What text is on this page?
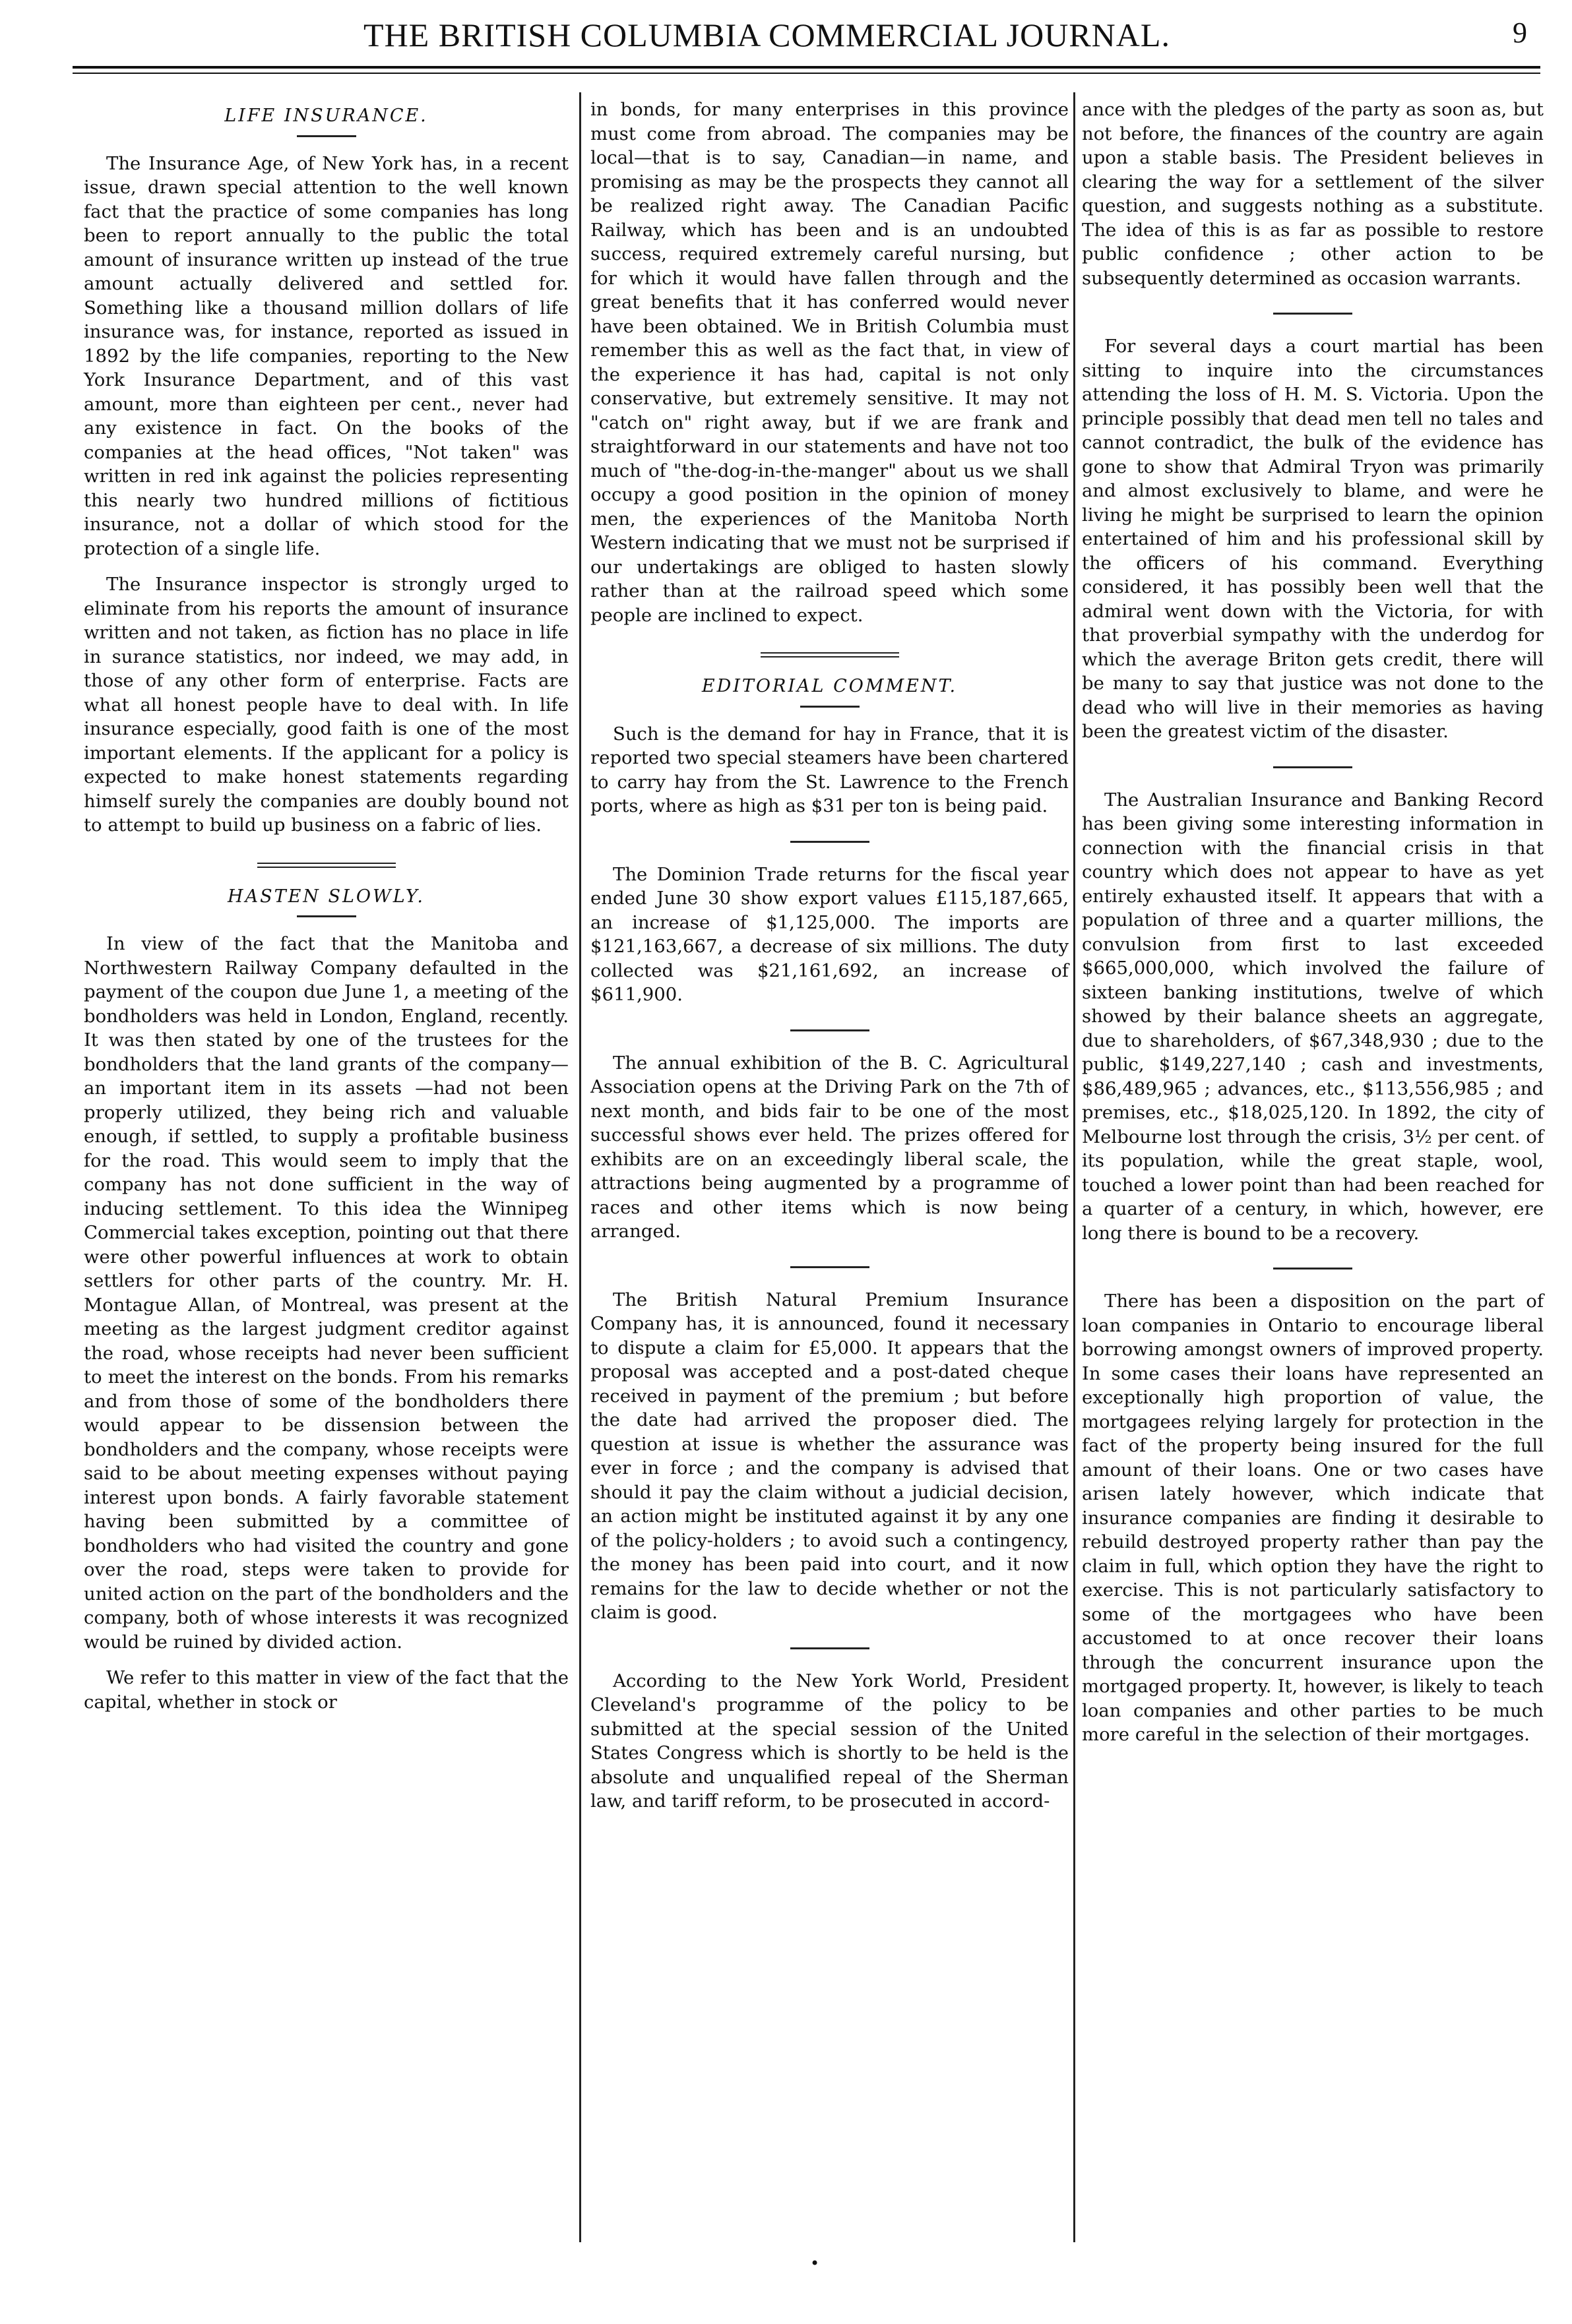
THE BRITISH COLUMBIA COMMERCIAL JOURNAL.	9
LIFE INSURANCE.

The Insurance Age, of New York has, in a recent issue, drawn special attention to the well known fact that the practice of some companies has long been to report annually to the public the total amount of insurance written up instead of the true amount actually delivered and settled for. Something like a thousand million dollars of life insurance was, for instance, reported as issued in 1892 by the life companies, reporting to the New York Insurance Department, and of this vast amount, more than eighteen per cent., never had any existence in fact. On the books of the companies at the head offices, "Not taken" was written in red ink against the policies representing this nearly two hundred millions of fictitious insurance, not a dollar of which stood for the protection of a single life.

The Insurance inspector is strongly urged to eliminate from his reports the amount of insurance written and not taken, as fiction has no place in life in surance statistics, nor indeed, we may add, in those of any other form of enterprise. Facts are what all honest people have to deal with. In life insurance especially, good faith is one of the most important elements. If the applicant for a policy is expected to make honest statements regarding himself surely the companies are doubly bound not to attempt to build up business on a fabric of lies.

HASTEN SLOWLY.

In view of the fact that the Manitoba and Northwestern Railway Company defaulted in the payment of the coupon due June 1, a meeting of the bondholders was held in London, England, recently. It was then stated by one of the trustees for the bondholders that the land grants of the company—an important item in its assets —had not been properly utilized, they being rich and valuable enough, if settled, to supply a profitable business for the road. This would seem to imply that the company has not done sufficient in the way of inducing settlement. To this idea the Winnipeg Commercial takes exception, pointing out that there were other powerful influences at work to obtain settlers for other parts of the country. Mr. H. Montague Allan, of Montreal, was present at the meeting as the largest judgment creditor against the road, whose receipts had never been sufficient to meet the interest on the bonds. From his remarks and from those of some of the bondholders there would appear to be dissension between the bondholders and the company, whose receipts were said to be about meeting expenses without paying interest upon bonds. A fairly favorable statement having been submitted by a committee of bondholders who had visited the country and gone over the road, steps were taken to provide for united action on the part of the bondholders and the company, both of whose interests it was recognized would be ruined by divided action.

We refer to this matter in view of the fact that the capital, whether in stock or

in bonds, for many enterprises in this province must come from abroad. The companies may be local—that is to say, Canadian—in name, and promising as may be the prospects they cannot all be realized right away. The Canadian Pacific Railway, which has been and is an undoubted success, required extremely careful nursing, but for which it would have fallen through and the great benefits that it has conferred would never have been obtained. We in British Columbia must remember this as well as the fact that, in view of the experience it has had, capital is not only conservative, but extremely sensitive. It may not "catch on" right away, but if we are frank and straightforward in our statements and have not too much of "the-dog-in-the-manger" about us we shall occupy a good position in the opinion of money men, the experiences of the Manitoba North Western indicating that we must not be surprised if our undertakings are obliged to hasten slowly rather than at the railroad speed which some people are inclined to expect.

EDITORIAL COMMENT.

Such is the demand for hay in France, that it is reported two special steamers have been chartered to carry hay from the St. Lawrence to the French ports, where as high as $31 per ton is being paid.

The Dominion Trade returns for the fiscal year ended June 30 show export values £115,187,665, an increase of $1,125,000. The imports are $121,163,667, a decrease of six millions. The duty collected was $21,161,692, an increase of $611,900.

The annual exhibition of the B. C. Agricultural Association opens at the Driving Park on the 7th of next month, and bids fair to be one of the most successful shows ever held. The prizes offered for exhibits are on an exceedingly liberal scale, the attractions being augmented by a programme of races and other items which is now being arranged.

The British Natural Premium Insurance Company has, it is announced, found it necessary to dispute a claim for £5,000. It appears that the proposal was accepted and a post-dated cheque received in payment of the premium ; but before the date had arrived the proposer died. The question at issue is whether the assurance was ever in force ; and the company is advised that should it pay the claim without a judicial decision, an action might be instituted against it by any one of the policy-holders ; to avoid such a contingency, the money has been paid into court, and it now remains for the law to decide whether or not the claim is good.

According to the New York World, President Cleveland's programme of the policy to be submitted at the special session of the United States Congress which is shortly to be held is the absolute and unqualified repeal of the Sherman law, and tariff reform, to be prosecuted in accord-

ance with the pledges of the party as soon as, but not before, the finances of the country are again upon a stable basis. The President believes in clearing the way for a settlement of the silver question, and suggests nothing as a substitute. The idea of this is as far as possible to restore public confidence ; other action to be subsequently determined as occasion warrants.

For several days a court martial has been sitting to inquire into the circumstances attending the loss of H. M. S. Victoria. Upon the principle possibly that dead men tell no tales and cannot contradict, the bulk of the evidence has gone to show that Admiral Tryon was primarily and almost exclusively to blame, and were he living he might be surprised to learn the opinion entertained of him and his professional skill by the officers of his command. Everything considered, it has possibly been well that the admiral went down with the Victoria, for with that proverbial sympathy with the underdog for which the average Briton gets credit, there will be many to say that justice was not done to the dead who will live in their memories as having been the greatest victim of the disaster.

The Australian Insurance and Banking Record has been giving some interesting information in connection with the financial crisis in that country which does not appear to have as yet entirely exhausted itself. It appears that with a population of three and a quarter millions, the convulsion from first to last exceeded $665,000,000, which involved the failure of sixteen banking institutions, twelve of which showed by their balance sheets an aggregate, due to shareholders, of $67,348,930 ; due to the public, $149,227,140 ; cash and investments, $86,489,965 ; advances, etc., $113,556,985 ; and premises, etc., $18,025,120. In 1892, the city of Melbourne lost through the crisis, 3½ per cent. of its population, while the great staple, wool, touched a lower point than had been reached for a quarter of a century, in which, however, ere long there is bound to be a recovery.

There has been a disposition on the part of loan companies in Ontario to encourage liberal borrowing amongst owners of improved property. In some cases their loans have represented an exceptionally high proportion of value, the mortgagees relying largely for protection in the fact of the property being insured for the full amount of their loans. One or two cases have arisen lately however, which indicate that insurance companies are finding it desirable to rebuild destroyed property rather than pay the claim in full, which option they have the right to exercise. This is not particularly satisfactory to some of the mortgagees who have been accustomed to at once recover their loans through the concurrent insurance upon the mortgaged property. It, however, is likely to teach loan companies and other parties to be much more careful in the selection of their mortgages.

•
